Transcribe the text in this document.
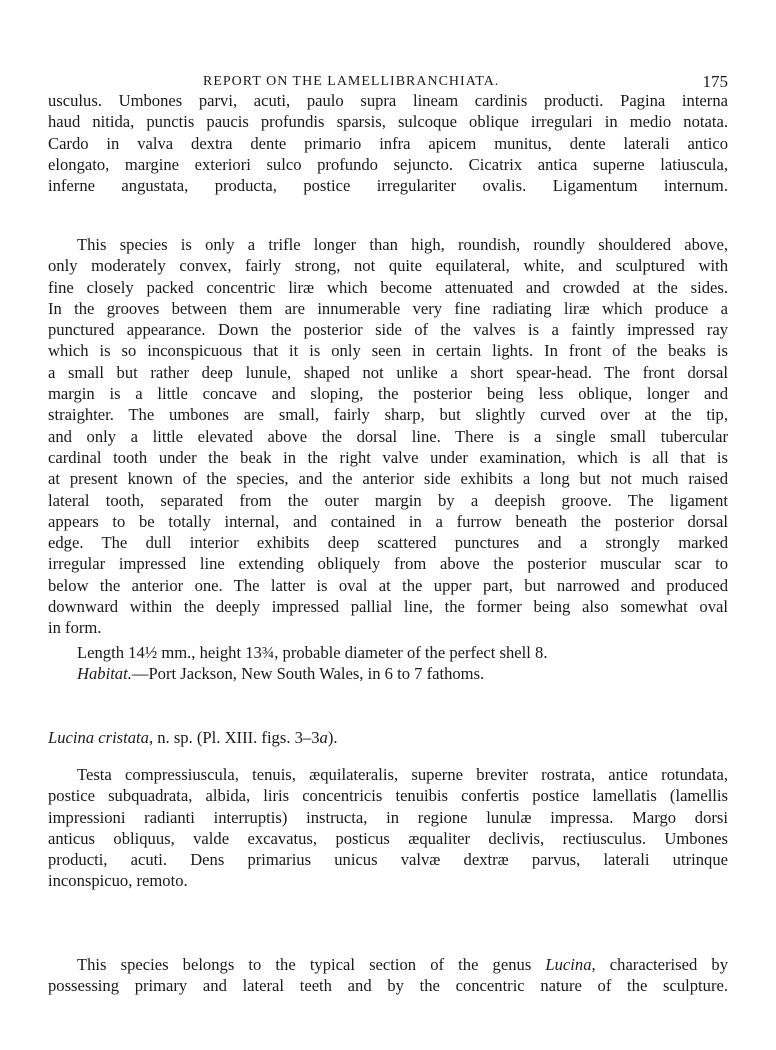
REPORT ON THE LAMELLIBRANCHIATA.	175
usculus. Umbones parvi, acuti, paulo supra lineam cardinis producti. Pagina interna
haud nitida, punctis paucis profundis sparsis, sulcoque oblique irregulari in medio notata.
Cardo in valva dextra dente primario infra apicem munitus, dente laterali antico
elongato, margine exteriori sulco profundo sejuncto. Cicatrix antica superne latiuscula,
inferne angustata, producta, postice irregulariter ovalis. Ligamentum internum.
This species is only a trifle longer than high, roundish, roundly shouldered above,
only moderately convex, fairly strong, not quite equilateral, white, and sculptured with
fine closely packed concentric liræ which become attenuated and crowded at the sides.
In the grooves between them are innumerable very fine radiating liræ which produce a
punctured appearance. Down the posterior side of the valves is a faintly impressed ray
which is so inconspicuous that it is only seen in certain lights. In front of the beaks is
a small but rather deep lunule, shaped not unlike a short spear-head. The front dorsal
margin is a little concave and sloping, the posterior being less oblique, longer and
straighter. The umbones are small, fairly sharp, but slightly curved over at the tip,
and only a little elevated above the dorsal line. There is a single small tubercular
cardinal tooth under the beak in the right valve under examination, which is all that is
at present known of the species, and the anterior side exhibits a long but not much raised
lateral tooth, separated from the outer margin by a deepish groove. The ligament
appears to be totally internal, and contained in a furrow beneath the posterior dorsal
edge. The dull interior exhibits deep scattered punctures and a strongly marked
irregular impressed line extending obliquely from above the posterior muscular scar to
below the anterior one. The latter is oval at the upper part, but narrowed and produced
downward within the deeply impressed pallial line, the former being also somewhat oval
in form.
Length 14½ mm., height 13¾, probable diameter of the perfect shell 8.
Habitat.—Port Jackson, New South Wales, in 6 to 7 fathoms.
Lucina cristata, n. sp. (Pl. XIII. figs. 3–3a).
Testa compressiuscula, tenuis, æquilateralis, superne breviter rostrata, antice rotundata,
postice subquadrata, albida, liris concentricis tenuibis confertis postice lamellatis (lamellis
impressioni radianti interruptis) instructa, in regione lunulæ impressa. Margo dorsi
anticus obliquus, valde excavatus, posticus æqualiter declivis, rectiusculus. Umbones
producti, acuti. Dens primarius unicus valvæ dextræ parvus, laterali utrinque
inconspicuo, remoto.
This species belongs to the typical section of the genus Lucina, characterised by
possessing primary and lateral teeth and by the concentric nature of the sculpture.
